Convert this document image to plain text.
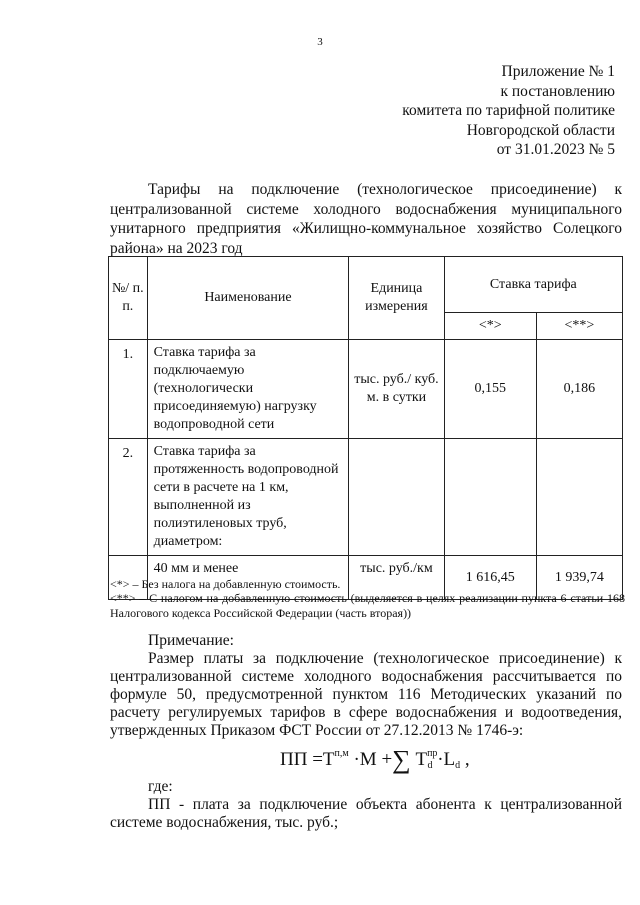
3
Приложение № 1
к постановлению
комитета по тарифной политике
Новгородской области
от 31.01.2023 № 5
Тарифы на подключение (технологическое присоединение) к централизованной системе холодного водоснабжения муниципального унитарного предприятия «Жилищно-коммунальное хозяйство Солецкого района» на 2023 год
№/ п. п.	Наименование	Единица измерения	Ставка тарифа	
			<*>	<**>
1.	Ставка тарифа за подключаемую (технологически присоединяемую) нагрузку водопроводной сети	тыс. руб./ куб. м. в сутки	0,155	0,186
2.	Ставка тарифа за протяженность водопроводной сети в расчете на 1 км, выполненной из полиэтиленовых труб, диаметром:			

	40 мм и менее	тыс. руб./км	1 616,45	1 939,74
<*> – Без налога на добавленную стоимость.
<**> – С налогом на добавленную стоимость (выделяется в целях реализации пункта 6 статьи 168 Налогового кодекса Российской Федерации (часть вторая))
Примечание:
Размер платы за подключение (технологическое присоединение) к централизованной системе холодного водоснабжения рассчитывается по формуле 50, предусмотренной пунктом 116 Методических указаний по расчету регулируемых тарифов в сфере водоснабжения и водоотведения, утвержденных Приказом ФСТ России от 27.12.2013 № 1746-э:
ПП $=Т^{п,м} \cdot М$ +∑ $Т^{пр}_d \cdot L_d$ ,
где:
ПП - плата за подключение объекта абонента к централизованной системе водоснабжения, тыс. руб.;
